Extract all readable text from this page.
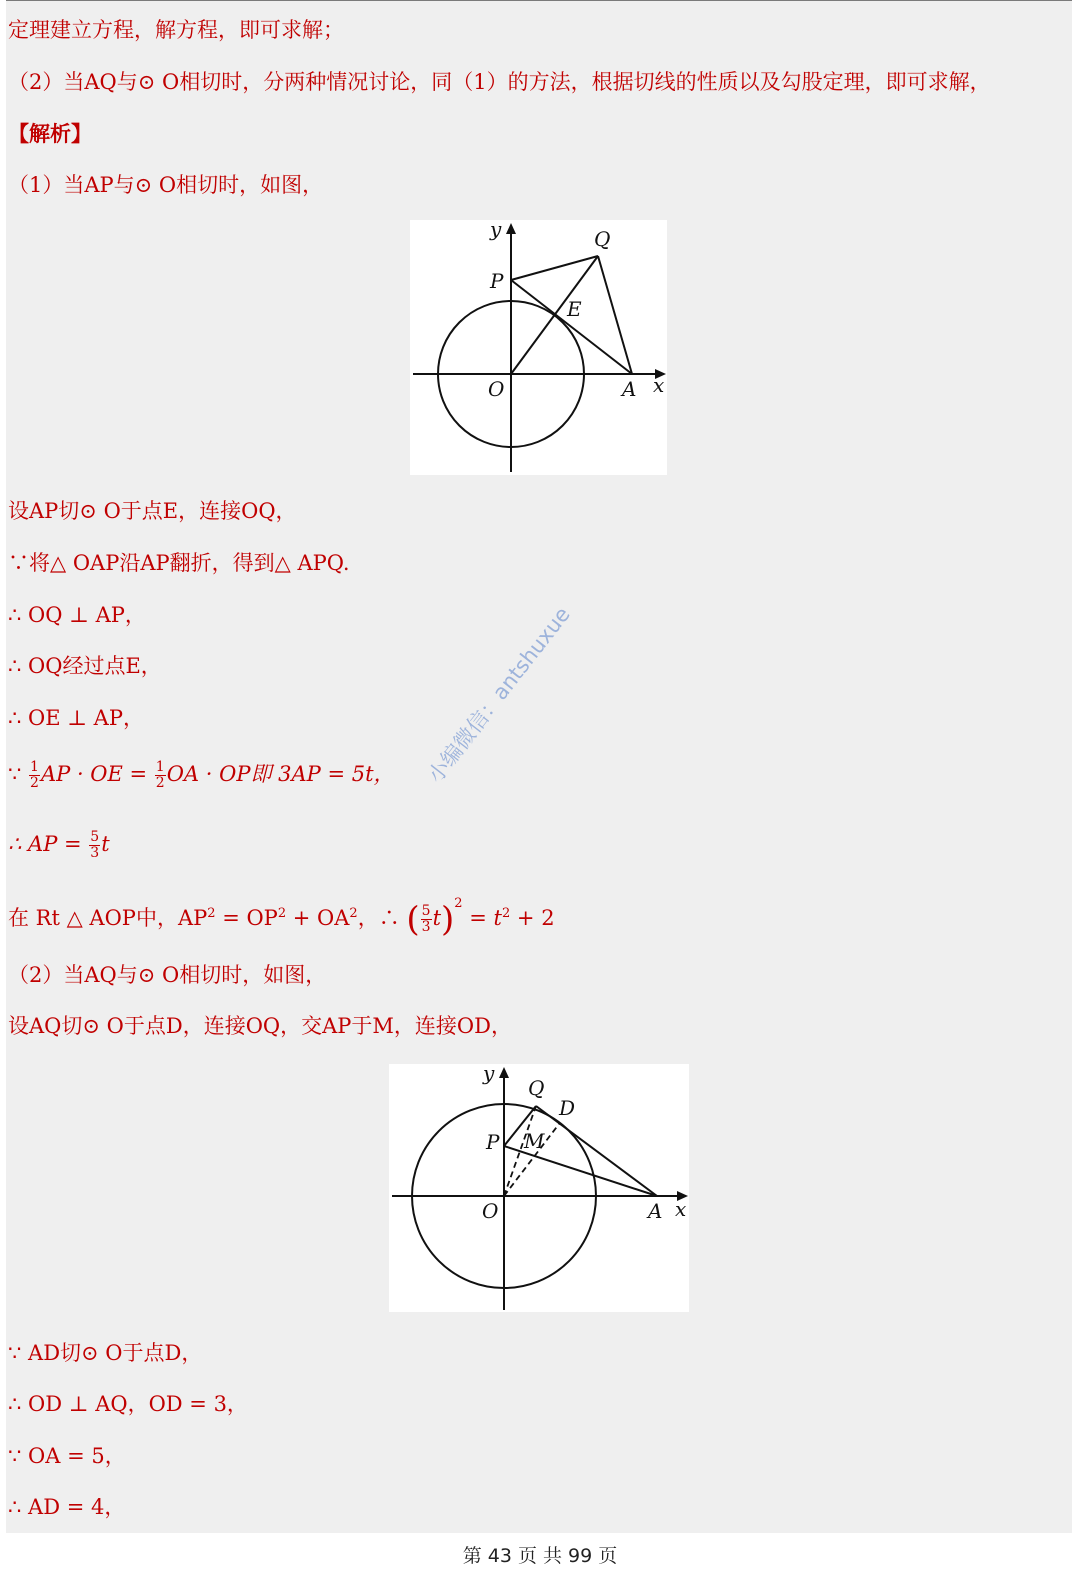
定理建立方程，解方程，即可求解；
（2）当AQ与⊙ O相切时，分两种情况讨论，同（1）的方法，根据切线的性质以及勾股定理，即可求解，
【解析】
（1）当AP与⊙ O相切时，如图，
y
x
P
Q
E
O	A
设AP切⊙ O于点E，连接OQ，
∵将△ OAP沿AP翻折，得到△ APQ.
∴ OQ ⊥ AP，
∴ OQ经过点E，
∴ OE ⊥ AP，
∵ $\frac{1}{2}$ AP · OE = $\frac{1}{2}$ OA · OP即 3AP = 5t，
∴ AP = $\frac{5}{3}$ t
在 Rt △ AOP中，$AP^2 = OP^2 + OA^2$，∴ ( $\frac{5}{3} t)^2 = t^2 + 2$
（2）当AQ与⊙ O相切时，如图，
设AQ切⊙ O于点D，连接OQ，交AP于M，连接OD，
y
x
P
Q
D
M
O	A
∵ AD切⊙ O于点D，
∴ OD ⊥ AQ，OD = 3，
∵ OA = 5，
∴ AD = 4，
小编微信：antshuxue
第 43 页 共 99 页
